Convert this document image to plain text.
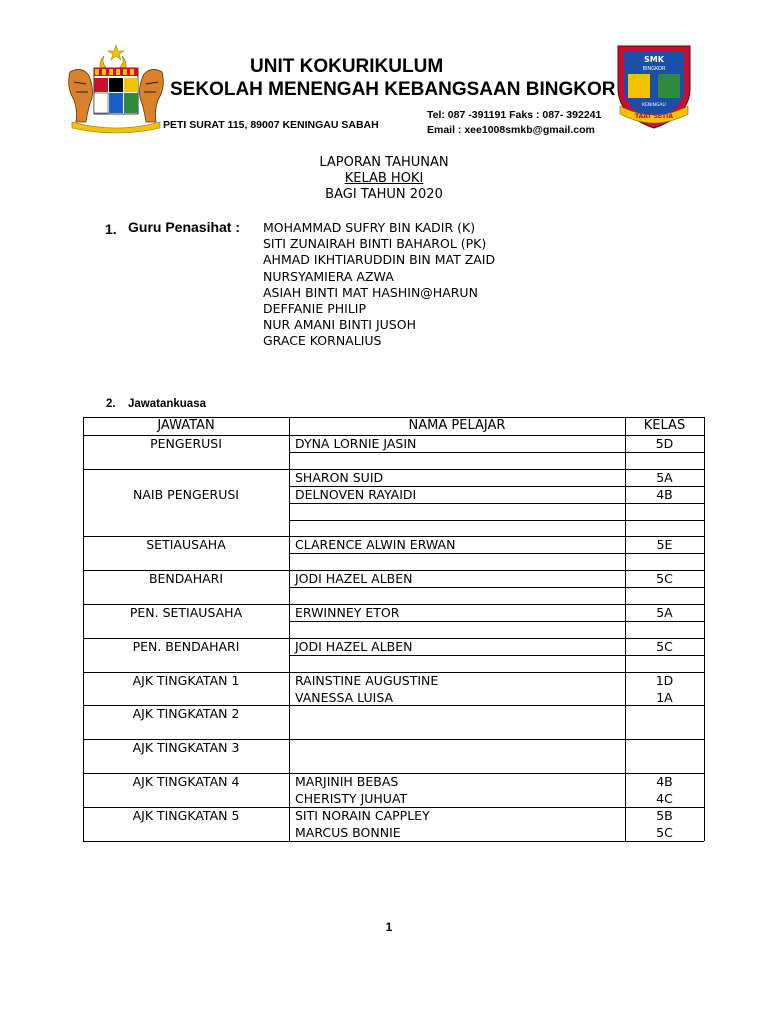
SMK
BINGKOR
KENINGAU
TAAT SETIA
UNIT KOKURIKULUM
SEKOLAH MENENGAH KEBANGSAAN BINGKOR
PETI SURAT 115, 89007 KENINGAU SABAH
Tel: 087 -391191 Faks : 087- 392241
Email : xee1008smkb@gmail.com
LAPORAN TAHUNAN
KELAB HOKI
BAGI TAHUN 2020
1. Guru Penasihat : MOHAMMAD SUFRY BIN KADIR (K)
SITI ZUNAIRAH BINTI BAHAROL (PK)
AHMAD IKHTIARUDDIN BIN MAT ZAID
NURSYAMIERA AZWA
ASIAH BINTI MAT HASHIN@HARUN
DEFFANIE PHILIP
NUR AMANI BINTI JUSOH
GRACE KORNALIUS
2. Jawatankuasa
JAWATAN	NAMA PELAJAR	KELAS
PENGERUSI	DYNA LORNIE JASIN	5D
NAIB PENGERUSI
SHARON SUID	5A
DELNOVEN RAYAIDI	4B
SETIAUSAHA	CLARENCE ALWIN ERWAN	5E
BENDAHARI	JODI HAZEL ALBEN	5C
PEN. SETIAUSAHA	ERWINNEY ETOR	5A
PEN. BENDAHARI	JODI HAZEL ALBEN	5C
AJK TINGKATAN 1	RAINSTINE AUGUSTINE	1D
VANESSA LUISA	1A
AJK TINGKATAN 2
AJK TINGKATAN 3
AJK TINGKATAN 4	MARJINIH BEBAS	4B
CHERISTY JUHUAT	4C
AJK TINGKATAN 5	SITI NORAIN CAPPLEY	5B
MARCUS BONNIE	5C
1
